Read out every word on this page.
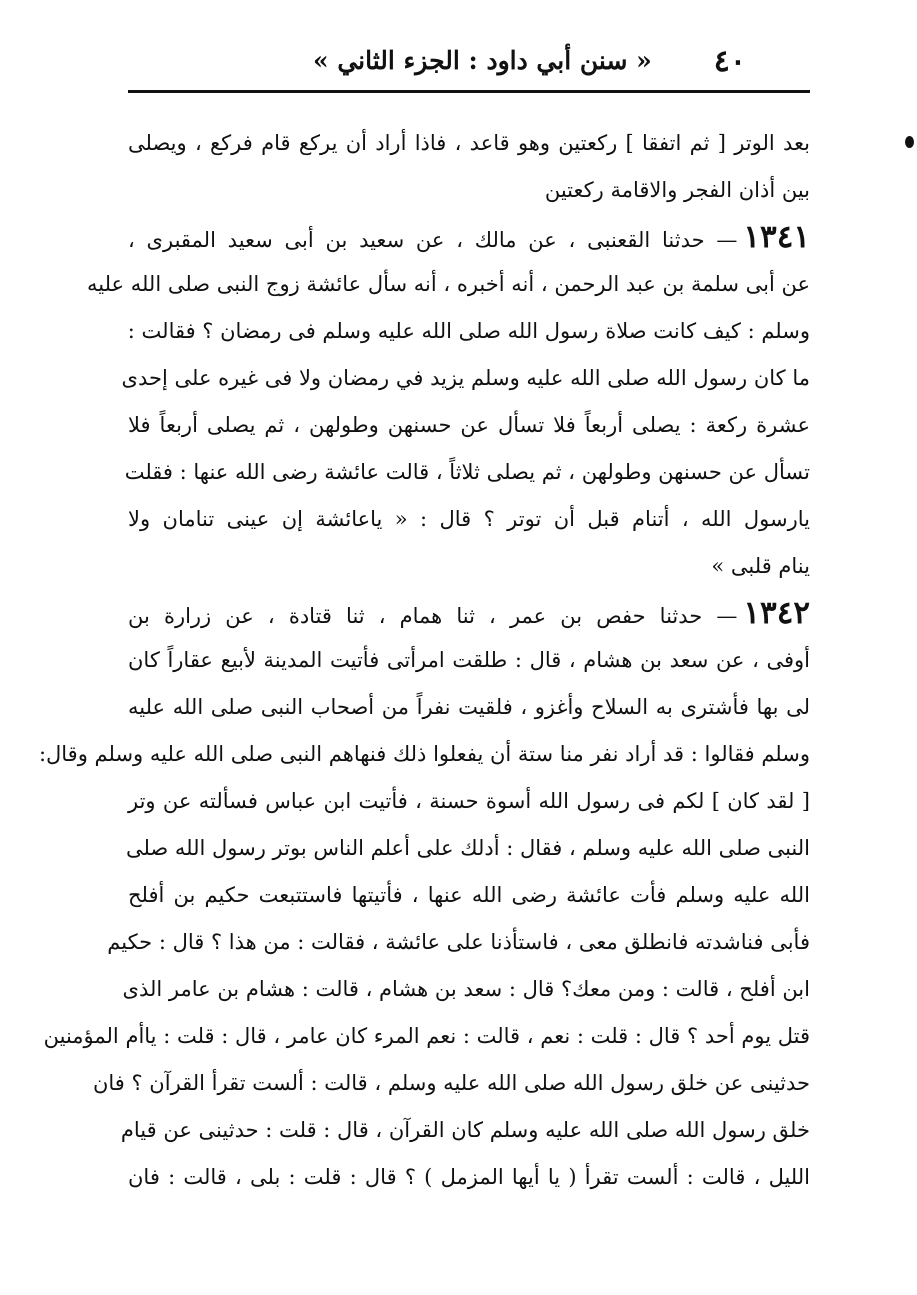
٤٠
« سنن أبي داود : الجزء الثاني »
بعد الوتر [ ثم اتفقا ] ركعتين وهو قاعد ، فاذا أراد أن يركع قام فركع ، ويصلى
بين أذان الفجر والاقامة ركعتين
١٣٤١— حدثنا القعنبى ، عن مالك ، عن سعيد بن أبى سعيد المقبرى ،
عن أبى سلمة بن عبد الرحمن ، أنه أخبره ، أنه سأل عائشة زوج النبى صلى الله عليه
وسلم : كيف كانت صلاة رسول الله صلى الله عليه وسلم فى رمضان ؟ فقالت :
ما كان رسول الله صلى الله عليه وسلم يزيد في رمضان ولا فى غيره على إحدى
عشرة ركعة : يصلى أربعاً فلا تسأل عن حسنهن وطولهن ، ثم يصلى أربعاً فلا
تسأل عن حسنهن وطولهن ، ثم يصلى ثلاثاً ، قالت عائشة رضى الله عنها : فقلت
يارسول الله ، أتنام قبل أن توتر ؟ قال : « ياعائشة إن عينى تنامان ولا
ينام قلبى »
١٣٤٢— حدثنا حفص بن عمر ، ثنا همام ، ثنا قتادة ، عن زرارة بن
أوفى ، عن سعد بن هشام ، قال : طلقت امرأتى فأتيت المدينة لأبيع عقاراً كان
لى بها فأشترى به السلاح وأغزو ، فلقيت نفراً من أصحاب النبى صلى الله عليه
وسلم فقالوا : قد أراد نفر منا ستة أن يفعلوا ذلك فنهاهم النبى صلى الله عليه وسلم وقال:
[ لقد كان ] لكم فى رسول الله أسوة حسنة ، فأتيت ابن عباس فسألته عن وتر
النبى صلى الله عليه وسلم ، فقال : أدلك على أعلم الناس بوتر رسول الله صلى
الله عليه وسلم فأت عائشة رضى الله عنها ، فأتيتها فاستتبعت حكيم بن أفلح
فأبى فناشدته فانطلق معى ، فاستأذنا على عائشة ، فقالت : من هذا ؟ قال : حكيم
ابن أفلح ، قالت : ومن معك؟ قال : سعد بن هشام ، قالت : هشام بن عامر الذى
قتل يوم أحد ؟ قال : قلت : نعم ، قالت : نعم المرء كان عامر ، قال : قلت : ياأم المؤمنين
حدثينى عن خلق رسول الله صلى الله عليه وسلم ، قالت : ألست تقرأ القرآن ؟ فان
خلق رسول الله صلى الله عليه وسلم كان القرآن ، قال : قلت : حدثينى عن قيام
الليل ، قالت : ألست تقرأ ( يا أيها المزمل ) ؟ قال : قلت : بلى ، قالت : فان
